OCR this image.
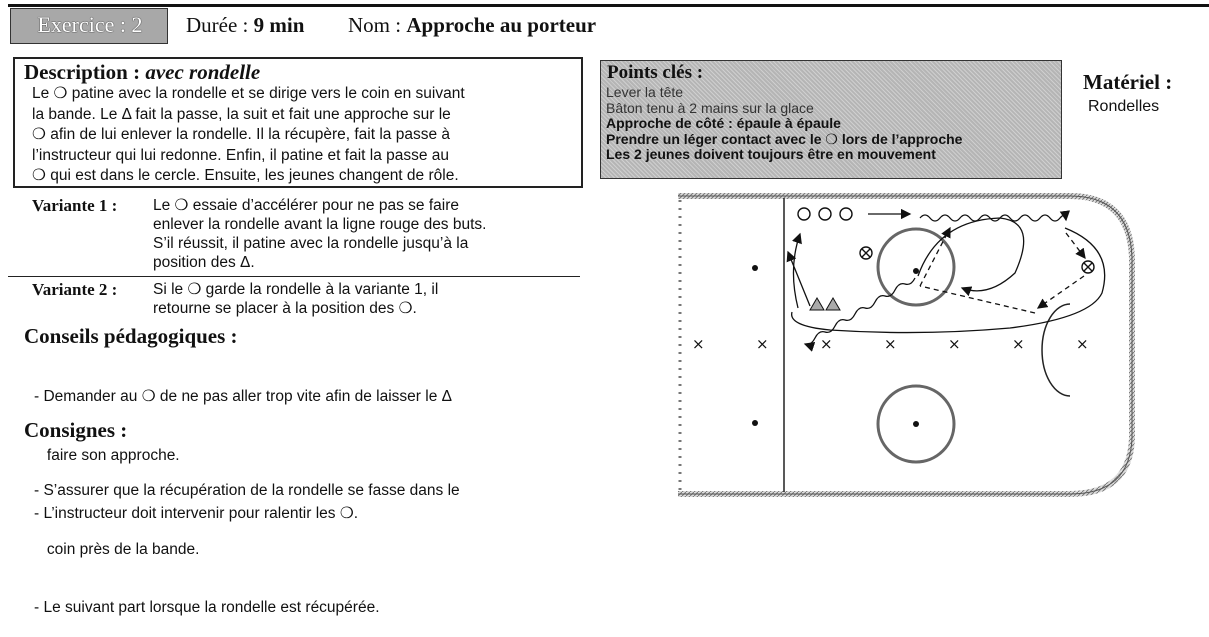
Exercice : 2	Durée : 9 min Nom : Approche au porteur
Description : avec rondelle
Le ❍ patine avec la rondelle et se dirige vers le coin en suivant
la bande. Le Δ fait la passe, la suit et fait une approche sur le
❍ afin de lui enlever la rondelle. Il la récupère, fait la passe à
l’instructeur qui lui redonne. Enfin, il patine et fait la passe au
❍ qui est dans le cercle. Ensuite, les jeunes changent de rôle.
Variante 1 : Le ❍ essaie d’accélérer pour ne pas se faire
enlever la rondelle avant la ligne rouge des buts.
S’il réussit, il patine avec la rondelle jusqu’à la
position des Δ.
Variante 2 : Si le ❍ garde la rondelle à la variante 1, il
retourne se placer à la position des ❍.
Conseils pédagogiques :

- Demander au ❍ de ne pas aller trop vite afin de laisser le Δ

faire son approche.

- L’instructeur doit intervenir pour ralentir les ❍.

Consignes :

- S’assurer que la récupération de la rondelle se fasse dans le

coin près de la bande.

- Le suivant part lorsque la rondelle est récupérée.

Points clés :
Lever la tête
Bâton tenu à 2 mains sur la glace
Approche de côté : épaule à épaule
Prendre un léger contact avec le ❍ lors de l’approche
Les 2 jeunes doivent toujours être en mouvement
Matériel :
Rondelles
×	×	×	×	×	×	×
